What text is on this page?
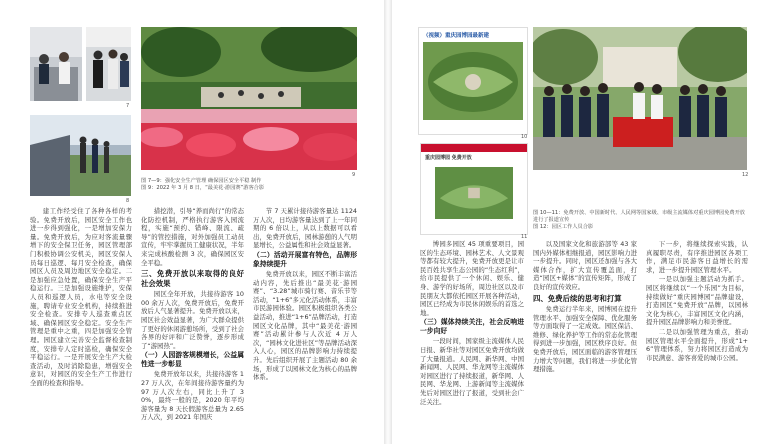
7
8
9
图 7—9：强化安全生产管理 确保园区安全平稳 制作
图 9：2022 年 3 月 8 日，“最美花·游园赛”游客合影

建工作经受住了各种各样的考验。免费开放后，园区安全工作也进一步得到强化，一是增加安保力量。免费开放后，为应对客流量骤增下的安全保卫任务，园区管理部门积极协调公安机关，园区安保人员每日巡逻、每月安全检查，确保园区人员及周边地区安全稳定。二是加强应急处置，确保安全生产平稳运行。三是加强设施维护，安保人员和巡逻人员，水电等安全设施，聘请专业安全机构，持续推进安全检查。安排专人巡查重点区域、确保园区安全稳定。安全生产管理是重中之重，四是加强安全管理。园区建立完善安全监督检查制度，安排专人定时巡检，确保安全平稳运行。一是开展安全生产大检查活动，及时消除隐患，增强安全意识，对园区的安全生产工作进行全面的检查和指导。

措挖潜，引导“养而尚行”的常态化防控机制，严格执行游客入园流程，实施“预约、错峰、限流、疏导”的管控措施，对外加强员工动员宣传，牢牢掌握员工健康状况，半年来完成核酸检测 3 次，确保园区安全平稳。

三、免费开放以来取得的良好社会效果

园区全年开放，共接待游客 1000 余万人次，免费开放后，免费开放后人气显著提升。免费开放以来，园区社会效益显著，为广大群众提供了更好的休闲游憩场所，受到了社会各界的好评和广泛赞誉，逐步形成了“游园热”。

（一）人园游客规模增长，公益属性进一步彰显

免费开放年以来，共接待游客 127 万人次，在年间接待游客量约为 97 万人次左右，同比上升了 30%，最终一般的是，2020 年平均游客量为 8 天长假游客总量为 2.65 万人次，到 2021 年国庆

节 7 天累计接待游客量达 1124 万人次，日均游客量达到了上一年同期的 6 倍以上，从以上数据可以看出，免费开放后，园林游憩的人气明显增长，公益属性和社会效益显著。

（二）活动开展富有特色，品牌形象持续提升

免费开放以来，园区不断丰富活动内容，先后推出“最美花·游园赛”、“3.28”城市骑行赛、音乐节等活动，“1+6”多元化活动体系，丰富市民游园体验。园区积极组织各类公益活动，推进“1+6”品牌活动，打造园区文化品牌，其中“最美花·游园赛”活动累计参与人次近 4 万人次，“园林文化进社区”等品牌活动深入人心，园区的品牌影响力持续提升。先后组织开展了主题活动 80 余场，形成了以园林文化为核心的品牌体系。

（视频）重庆园博园最新建
10
重庆园博园 免费开放
11
12
图 10—11：免费开放、中国新时代、人民网等国家级、市级主流媒体对重庆园博园免费开放进行了报道宣传
图 12：园区工作人员合影

博园多园区 45 项重要项目，园区的生态环境、园林艺术、人文景观等都有较大提升，免费开放更是让市民百姓共享生态公园的“生态红利”，给市民提供了一个休闲、娱乐、健身、游学的好场所，周边社区以及市民朋友大都依托园区开展各种活动，园区已经成为市民休闲娱乐的首选之地。

（三）媒体持续关注，社会反响进一步向好

一段时间，国家级主流媒体人民日报、新华社等对园区免费开放均做了大量报道。人民网、新华网、中国新闻网、人民网、华龙网等主流媒体对园区进行了持续报道，新华网、人民网、华龙网、上游新闻等主流媒体先后对园区进行了报道，受到社会广泛关注。

以及国家文化和旅游部等 43 家国内外媒体相继报道，园区影响力进一步提升。同时，园区还加强与各大媒体合作，扩大宣传覆盖面，打造“园区+媒体”的宣传矩阵，形成了良好的宣传效应。

四、免费后续的思考和打算

免费运行半年来，园博园在提升管理水平、加强安全保障、优化服务等方面取得了一定成效。园区保洁、维修、绿化养护等工作的常态化管理得到进一步加强，园区秩序良好。但免费开放后，园区面临的游客管理压力增大等问题，我们将进一步优化管理措施。

下一步，将继续探索实践，认真履职尽责，有序推进园区各项工作，满足市民游客日益增长的需求，进一步提升园区管理水平。

一是以加强主题活动为抓手。园区将继续以“一个乐园”为目标，持续做好“重庆园博园”品牌建设，打造园区“免费开放”品牌，以园林文化为核心，丰富园区文化内涵，提升园区品牌影响力和美誉度。

二是以加强管理为重点，推动园区管理水平全面提升，形成“1+6”管理体系，努力将园区打造成为市民满意、游客喜爱的城市公园。
